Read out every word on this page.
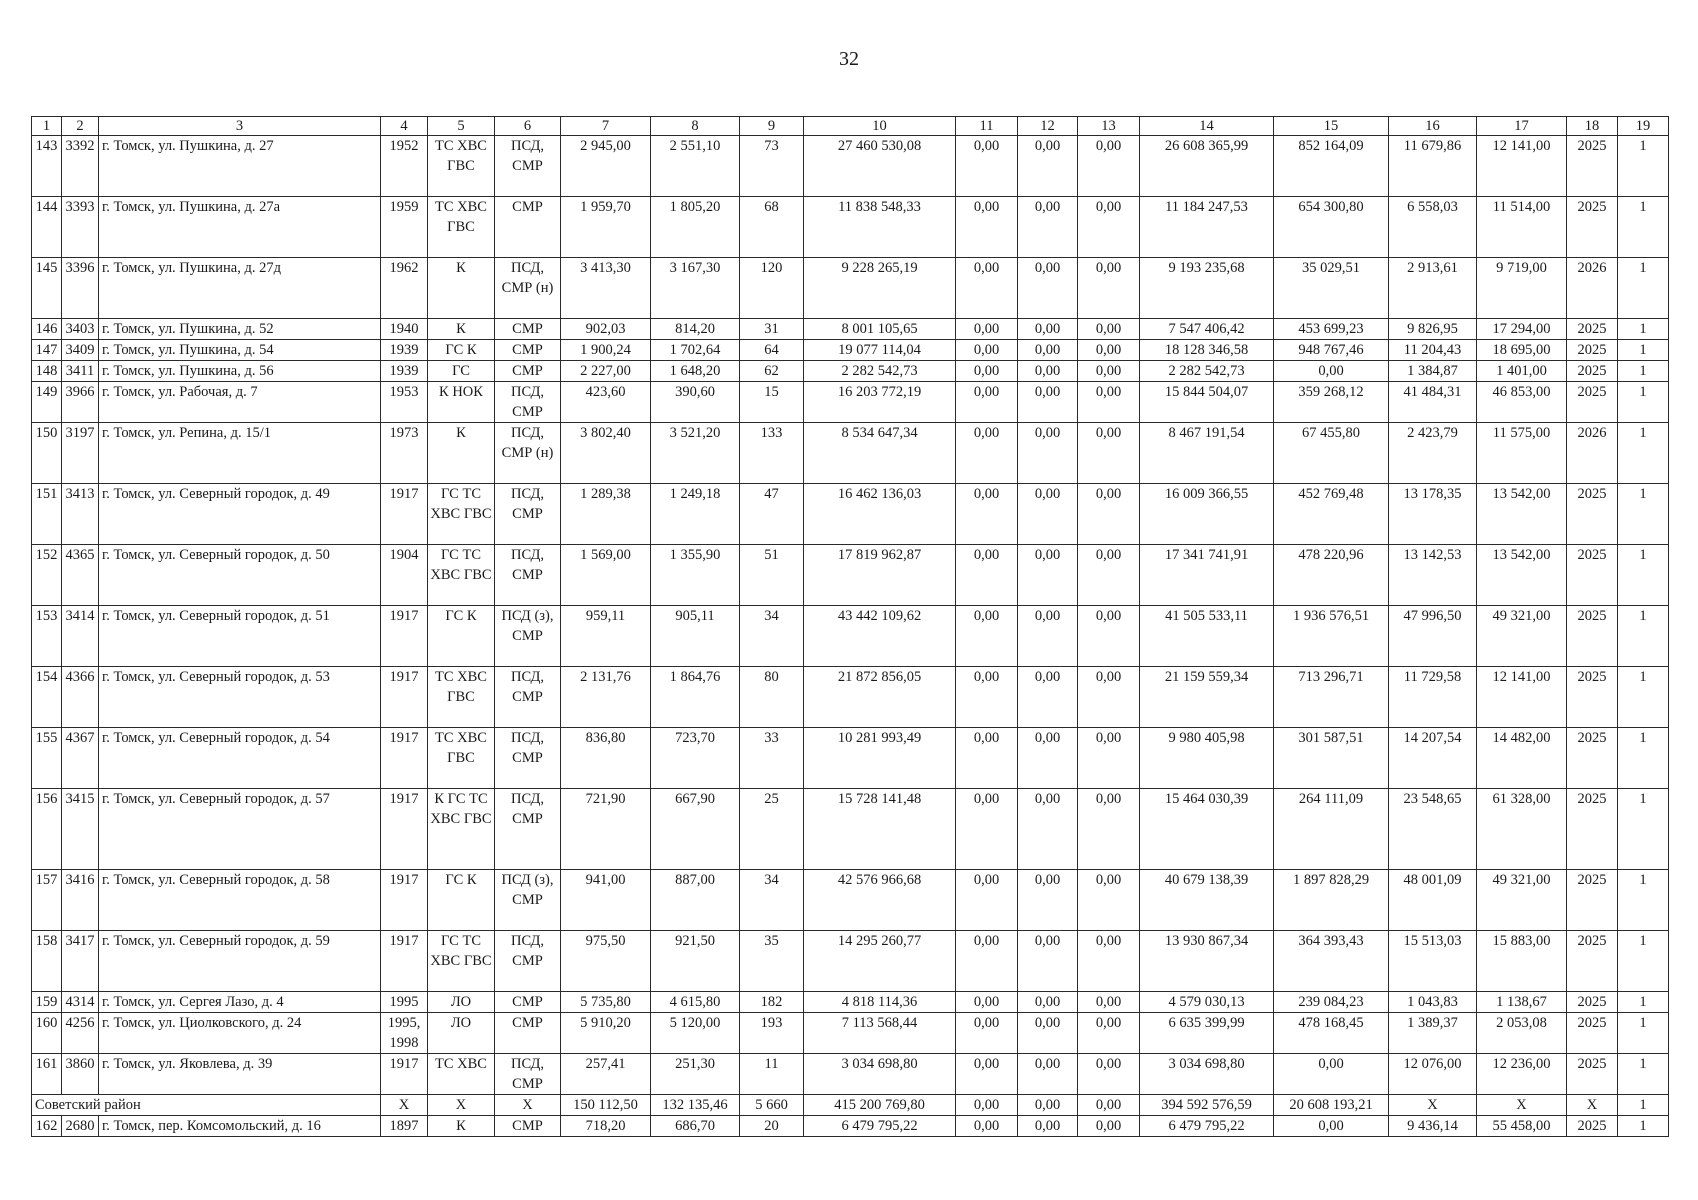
32
1	2	3	4	5	6	7	8	9	10	11	12	13	14	15	16	17	18	19
143	3392	г. Томск, ул. Пушкина, д. 27	1952	ТС ХВС ГВС	ПСД, СМР	2 945,00	2 551,10	73	27 460 530,08	0,00	0,00	0,00	26 608 365,99	852 164,09	11 679,86	12 141,00	2025	1
144	3393	г. Томск, ул. Пушкина, д. 27а	1959	ТС ХВС ГВС	СМР	1 959,70	1 805,20	68	11 838 548,33	0,00	0,00	0,00	11 184 247,53	654 300,80	6 558,03	11 514,00	2025	1
145	3396	г. Томск, ул. Пушкина, д. 27д	1962	К	ПСД, СМР (н)	3 413,30	3 167,30	120	9 228 265,19	0,00	0,00	0,00	9 193 235,68	35 029,51	2 913,61	9 719,00	2026	1
146	3403	г. Томск, ул. Пушкина, д. 52	1940	К	СМР	902,03	814,20	31	8 001 105,65	0,00	0,00	0,00	7 547 406,42	453 699,23	9 826,95	17 294,00	2025	1
147	3409	г. Томск, ул. Пушкина, д. 54	1939	ГС К	СМР	1 900,24	1 702,64	64	19 077 114,04	0,00	0,00	0,00	18 128 346,58	948 767,46	11 204,43	18 695,00	2025	1
148	3411	г. Томск, ул. Пушкина, д. 56	1939	ГС	СМР	2 227,00	1 648,20	62	2 282 542,73	0,00	0,00	0,00	2 282 542,73	0,00	1 384,87	1 401,00	2025	1
149	3966	г. Томск, ул. Рабочая, д. 7	1953	К НОК	ПСД, СМР	423,60	390,60	15	16 203 772,19	0,00	0,00	0,00	15 844 504,07	359 268,12	41 484,31	46 853,00	2025	1
150	3197	г. Томск, ул. Репина, д. 15/1	1973	К	ПСД, СМР (н)	3 802,40	3 521,20	133	8 534 647,34	0,00	0,00	0,00	8 467 191,54	67 455,80	2 423,79	11 575,00	2026	1
151	3413	г. Томск, ул. Северный городок, д. 49	1917	ГС ТС ХВС ГВС	ПСД, СМР	1 289,38	1 249,18	47	16 462 136,03	0,00	0,00	0,00	16 009 366,55	452 769,48	13 178,35	13 542,00	2025	1
152	4365	г. Томск, ул. Северный городок, д. 50	1904	ГС ТС ХВС ГВС	ПСД, СМР	1 569,00	1 355,90	51	17 819 962,87	0,00	0,00	0,00	17 341 741,91	478 220,96	13 142,53	13 542,00	2025	1
153	3414	г. Томск, ул. Северный городок, д. 51	1917	ГС К	ПСД (з), СМР	959,11	905,11	34	43 442 109,62	0,00	0,00	0,00	41 505 533,11	1 936 576,51	47 996,50	49 321,00	2025	1
154	4366	г. Томск, ул. Северный городок, д. 53	1917	ТС ХВС ГВС	ПСД, СМР	2 131,76	1 864,76	80	21 872 856,05	0,00	0,00	0,00	21 159 559,34	713 296,71	11 729,58	12 141,00	2025	1
155	4367	г. Томск, ул. Северный городок, д. 54	1917	ТС ХВС ГВС	ПСД, СМР	836,80	723,70	33	10 281 993,49	0,00	0,00	0,00	9 980 405,98	301 587,51	14 207,54	14 482,00	2025	1
156	3415	г. Томск, ул. Северный городок, д. 57	1917	К ГС ТС ХВС ГВС	ПСД, СМР	721,90	667,90	25	15 728 141,48	0,00	0,00	0,00	15 464 030,39	264 111,09	23 548,65	61 328,00	2025	1
157	3416	г. Томск, ул. Северный городок, д. 58	1917	ГС К	ПСД (з), СМР	941,00	887,00	34	42 576 966,68	0,00	0,00	0,00	40 679 138,39	1 897 828,29	48 001,09	49 321,00	2025	1
158	3417	г. Томск, ул. Северный городок, д. 59	1917	ГС ТС ХВС ГВС	ПСД, СМР	975,50	921,50	35	14 295 260,77	0,00	0,00	0,00	13 930 867,34	364 393,43	15 513,03	15 883,00	2025	1
159	4314	г. Томск, ул. Сергея Лазо, д. 4	1995	ЛО	СМР	5 735,80	4 615,80	182	4 818 114,36	0,00	0,00	0,00	4 579 030,13	239 084,23	1 043,83	1 138,67	2025	1
160	4256	г. Томск, ул. Циолковского, д. 24	1995, 1998	ЛО	СМР	5 910,20	5 120,00	193	7 113 568,44	0,00	0,00	0,00	6 635 399,99	478 168,45	1 389,37	2 053,08	2025	1
161	3860	г. Томск, ул. Яковлева, д. 39	1917	ТС ХВС	ПСД, СМР	257,41	251,30	11	3 034 698,80	0,00	0,00	0,00	3 034 698,80	0,00	12 076,00	12 236,00	2025	1
Советский район			Х	Х	Х	150 112,50	132 135,46	5 660	415 200 769,80	0,00	0,00	0,00	394 592 576,59	20 608 193,21	Х	Х	Х	1
162	2680	г. Томск, пер. Комсомольский, д. 16	1897	К	СМР	718,20	686,70	20	6 479 795,22	0,00	0,00	0,00	6 479 795,22	0,00	9 436,14	55 458,00	2025	1
